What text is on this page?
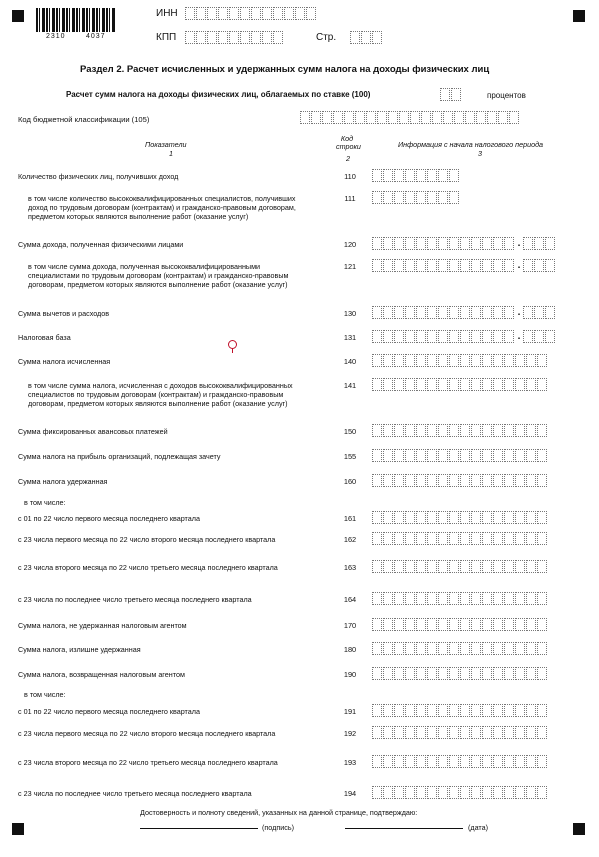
2310	4037
ИНН
КПП	Стр.
Раздел 2. Расчет исчисленных и удержанных сумм налога на доходы физических лиц
Расчет сумм налога на доходы физических лиц, облагаемых по ставке (100)	процентов
Код бюджетной классификации (105)
Показатели
1
Код строки
2
Информация с начала налогового периода
3
Количество физических лиц, получивших доход	110
в том числе количество высококвалифицированных специалистов, получивших доход по трудовым договорам (контрактам) и гражданско-правовым договорам, предметом которых являются выполнение работ (оказание услуг)
111
Сумма дохода, полученная физическими лицами	120	.
в том числе сумма дохода, полученная высококвалифицированными специалистами по трудовым договорам (контрактам) и гражданско-правовым договорам, предметом которых являются выполнение работ (оказание услуг)
121	.
Сумма вычетов и расходов	130	.
Налоговая база	131	.
Сумма налога исчисленная	140
в том числе сумма налога, исчисленная с доходов высококвалифицированных специалистов по трудовым договорам (контрактам) и гражданско-правовым договорам, предметом которых являются выполнение работ (оказание услуг)
141
Сумма фиксированных авансовых платежей	150
Сумма налога на прибыль организаций, подлежащая зачету	155
Сумма налога удержанная	160
в том числе:
с 01 по 22 число первого месяца последнего квартала	161
с 23 числа первого месяца по 22 число второго месяца последнего квартала	162
с 23 числа второго месяца по 22 число третьего месяца последнего квартала	163
с 23 числа по последнее число третьего месяца последнего квартала	164
Сумма налога, не удержанная налоговым агентом	170
Сумма налога, излишне удержанная	180
Сумма налога, возвращенная налоговым агентом	190
в том числе:
с 01 по 22 число первого месяца последнего квартала	191
с 23 числа первого месяца по 22 число второго месяца последнего квартала	192
с 23 числа второго месяца по 22 число третьего месяца последнего квартала	193
с 23 числа по последнее число третьего месяца последнего квартала	194
Достоверность и полноту сведений, указанных на данной странице, подтверждаю:
(подпись)	(дата)
